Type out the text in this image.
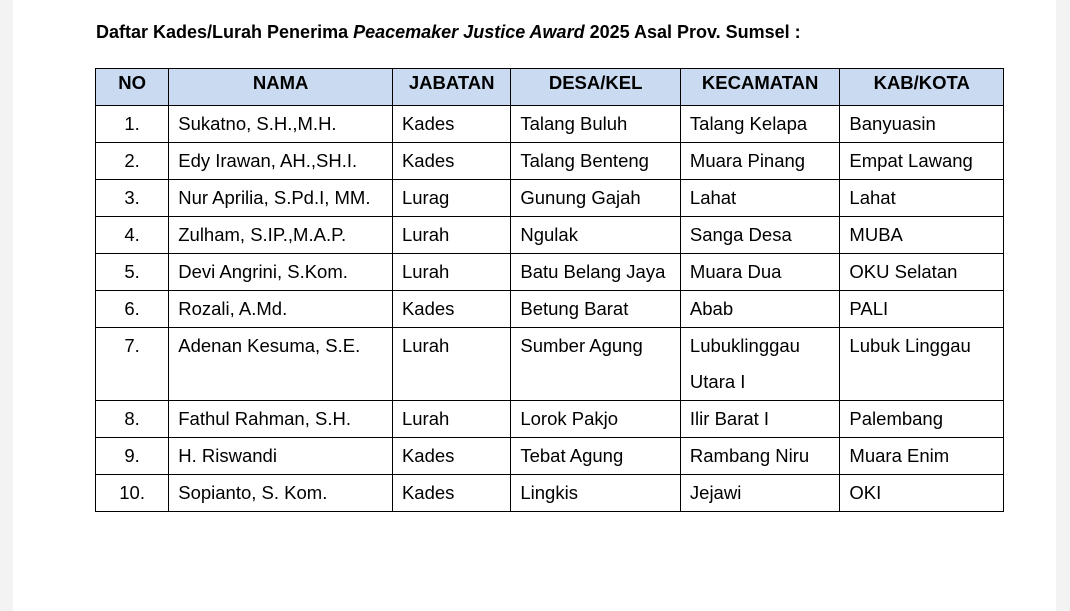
Daftar Kades/Lurah Penerima Peacemaker Justice Award 2025 Asal Prov. Sumsel :

NO	NAMA	JABATAN	DESA/KEL	KECAMATAN	KAB/KOTA
1.	Sukatno, S.H.,M.H.	Kades	Talang Buluh	Talang Kelapa	Banyuasin
2.	Edy Irawan, AH.,SH.I.	Kades	Talang Benteng	Muara Pinang	Empat Lawang
3.	Nur Aprilia, S.Pd.I, MM.	Lurag	Gunung Gajah	Lahat	Lahat
4.	Zulham, S.IP.,M.A.P.	Lurah	Ngulak	Sanga Desa	MUBA
5.	Devi Angrini, S.Kom.	Lurah	Batu Belang Jaya	Muara Dua	OKU Selatan
6.	Rozali, A.Md.	Kades	Betung Barat	Abab	PALI
7.	Adenan Kesuma, S.E.	Lurah	Sumber Agung	Lubuklinggau Utara I	Lubuk Linggau
8.	Fathul Rahman, S.H.	Lurah	Lorok Pakjo	Ilir Barat I	Palembang
9.	H. Riswandi	Kades	Tebat Agung	Rambang Niru	Muara Enim
10.	Sopianto, S. Kom.	Kades	Lingkis	Jejawi	OKI
